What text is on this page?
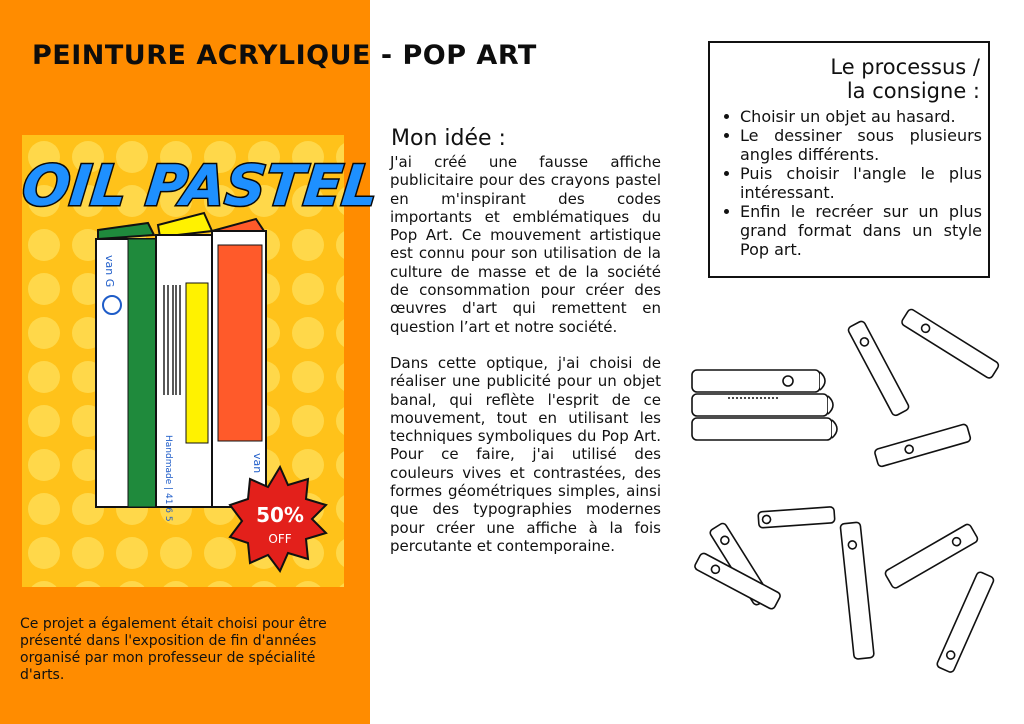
PEINTURE ACRYLIQUE - POP ART
OIL PASTEL
van G
Handmade | 41 6 5	van
50%
OFF
Ce projet a également était choisi pour être présenté dans l'exposition de fin d'années organisé par mon professeur de spécialité d'arts.
Mon idée :

J'ai créé une fausse affiche publicitaire pour des crayons pastel en m'inspirant des codes importants et emblématiques du Pop Art. Ce mouvement artistique est connu pour son utilisation de la culture de masse et de la société de consommation pour créer des œuvres d'art qui remettent en question l’art et notre société.

Dans cette optique, j'ai choisi de réaliser une publicité pour un objet banal, qui reflète l'esprit de ce mouvement, tout en utilisant les techniques symboliques du Pop Art. Pour ce faire, j'ai utilisé des couleurs vives et contrastées, des formes géométriques simples, ainsi que des typographies modernes pour créer une affiche à la fois percutante et contemporaine.

Le processus /
la consigne :
Choisir un objet au hasard.
Le dessiner sous plusieurs angles différents.
Puis choisir l'angle le plus intéressant.
Enfin le recréer sur un plus grand format dans un style Pop art.
